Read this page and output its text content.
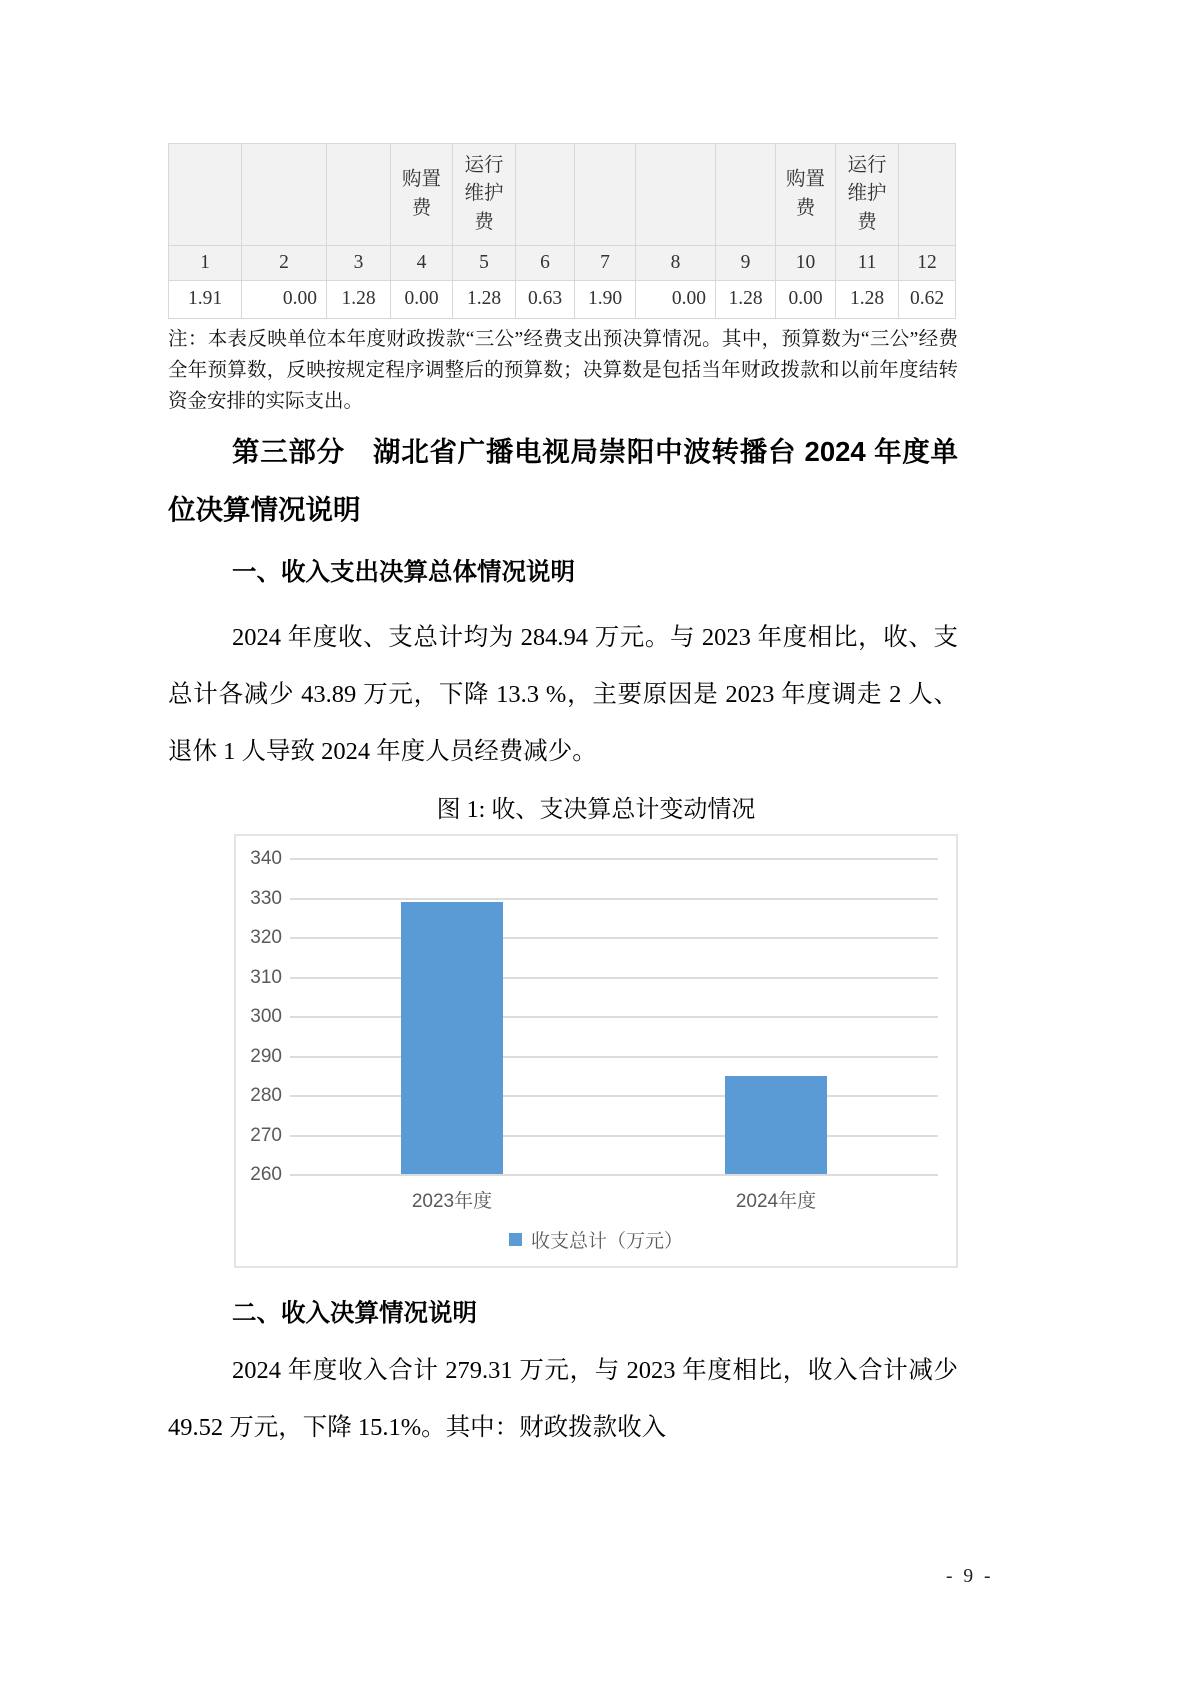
			购置费	运行维护费					购置费	运行维护费	
1	2	3	4	5	6	7	8	9	10	11	12
1.91	0.00	1.28	0.00	1.28	0.63	1.90	0.00	1.28	0.00	1.28	0.62

注：本表反映单位本年度财政拨款“三公”经费支出预决算情况。其中，预算数为“三公”经费全年预算数，反映按规定程序调整后的预算数；决算数是包括当年财政拨款和以前年度结转资金安排的实际支出。

第三部分　湖北省广播电视局崇阳中波转播台 2024 年度单位决算情况说明

一、收入支出决算总体情况说明

2024 年度收、支总计均为 284.94 万元。与 2023 年度相比，收、支总计各减少 43.89 万元，下降 13.3 %，主要原因是 2023 年度调走 2 人、退休 1 人导致 2024 年度人员经费减少。

图 1: 收、支决算总计变动情况

340
330
320
310
300
290
280
270
260
2023年度	2024年度
收支总计（万元）

二、收入决算情况说明

2024 年度收入合计 279.31 万元，与 2023 年度相比，收入合计减少 49.52 万元，下降 15.1%。其中：财政拨款收入

- 9 -
